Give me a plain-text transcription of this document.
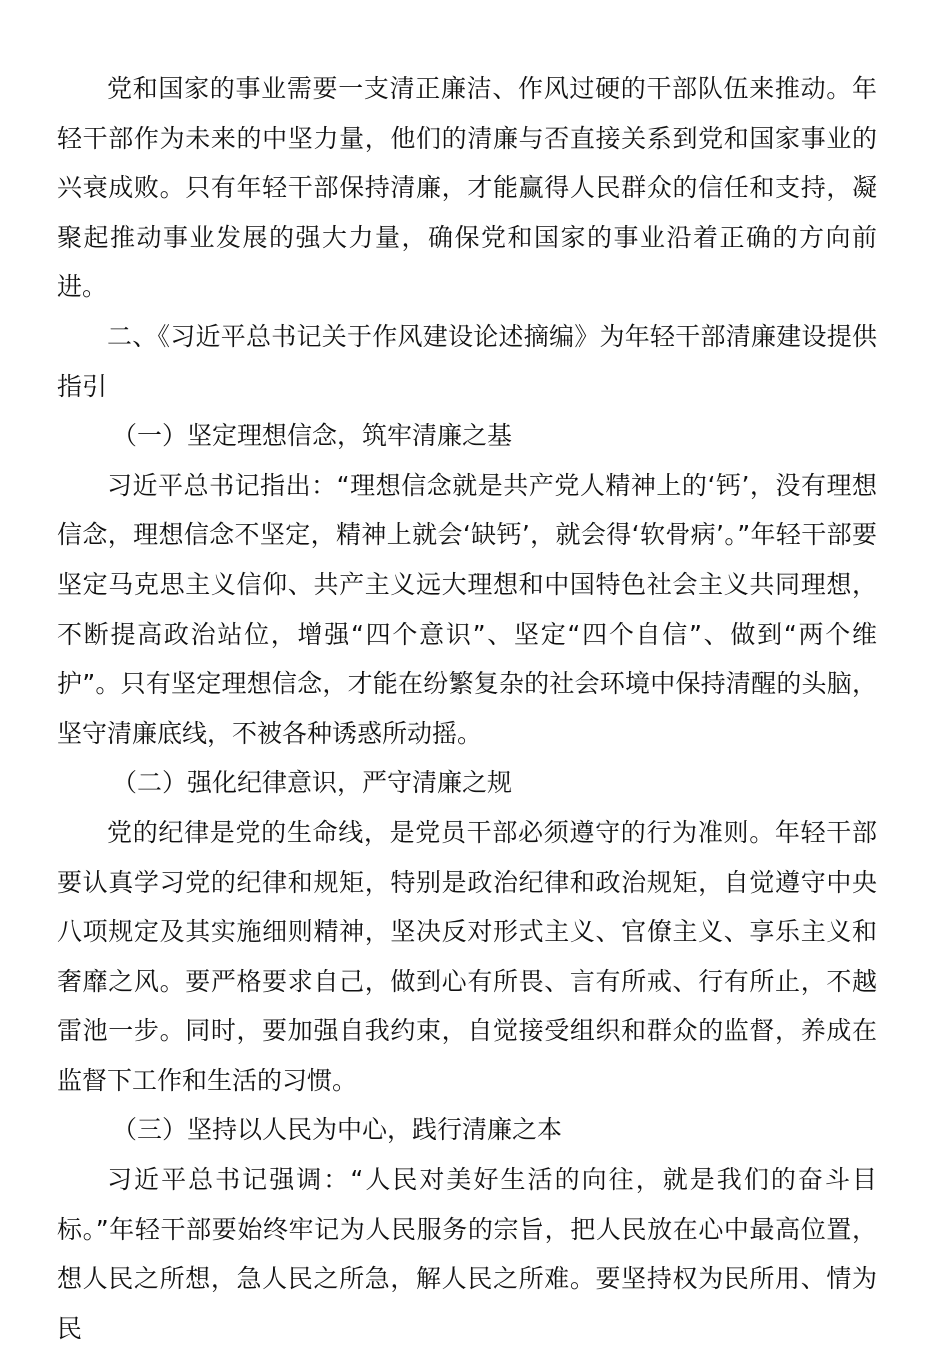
党和国家的事业需要一支清正廉洁、作风过硬的干部队伍来推动。年轻干部作为未来的中坚力量，他们的清廉与否直接关系到党和国家事业的兴衰成败。只有年轻干部保持清廉，才能赢得人民群众的信任和支持，凝聚起推动事业发展的强大力量，确保党和国家的事业沿着正确的方向前进。

二、《习近平总书记关于作风建设论述摘编》为年轻干部清廉建设提供指引

（一）坚定理想信念，筑牢清廉之基

习近平总书记指出：“理想信念就是共产党人精神上的‘钙’，没有理想信念，理想信念不坚定，精神上就会‘缺钙’，就会得‘软骨病’。”年轻干部要坚定马克思主义信仰、共产主义远大理想和中国特色社会主义共同理想，不断提高政治站位，增强“四个意识”、坚定“四个自信”、做到“两个维护”。只有坚定理想信念，才能在纷繁复杂的社会环境中保持清醒的头脑，坚守清廉底线，不被各种诱惑所动摇。

（二）强化纪律意识，严守清廉之规

党的纪律是党的生命线，是党员干部必须遵守的行为准则。年轻干部要认真学习党的纪律和规矩，特别是政治纪律和政治规矩，自觉遵守中央八项规定及其实施细则精神，坚决反对形式主义、官僚主义、享乐主义和奢靡之风。要严格要求自己，做到心有所畏、言有所戒、行有所止，不越雷池一步。同时，要加强自我约束，自觉接受组织和群众的监督，养成在监督下工作和生活的习惯。

（三）坚持以人民为中心，践行清廉之本

习近平总书记强调：“人民对美好生活的向往，就是我们的奋斗目标。”年轻干部要始终牢记为人民服务的宗旨，把人民放在心中最高位置，想人民之所想，急人民之所急，解人民之所难。要坚持权为民所用、情为民
